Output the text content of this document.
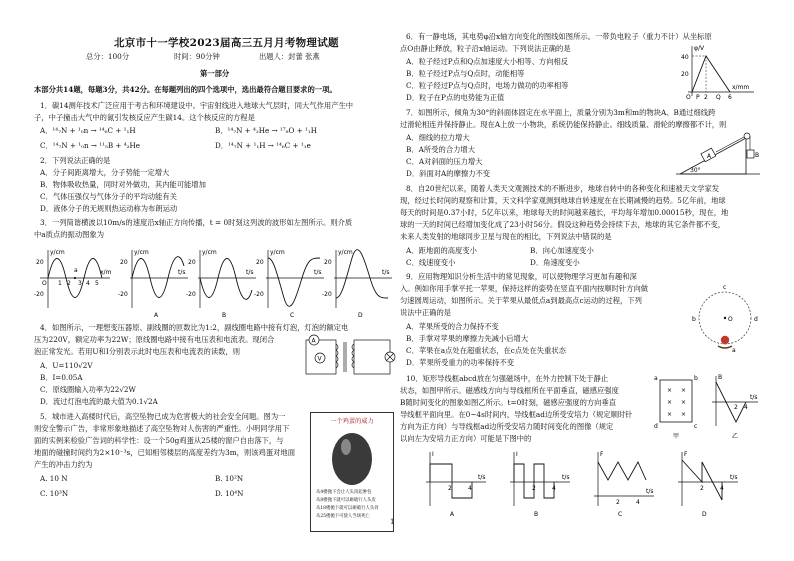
北京市十一学校2023届高三五月月考物理试题
总分：100分	时间：90分钟	出题人：封蕾 张燕
第一部分
本部分共14题，每题3分，共42分。在每题列出的四个选项中，选出最符合题目要求的一项。
1．碳14测年技术广泛应用于考古和环境建设中。宇宙射线进入地球大气层时，同大气作用产生中
子，中子撞击大气中的氮引发核反应产生碳14。这个核反应的方程是
A．¹⁴₇N + ¹₀n → ¹⁴₆C + ¹₁H	B．¹⁴₇N + ⁴₂He → ¹⁷₈O + ¹₁H
C．¹⁴₇N + ¹₀n → ¹¹₅B + ⁴₂He	D．¹⁴₇N + ¹₁H → ¹⁴₆C + ¹₁e
2．下列说法正确的是
A．分子间距离增大，分子势能一定增大
B．物体吸收热量，同时对外做功，其内能可能增加
C．气体压强仅与气体分子的平均动能有关
D．液体分子的无规则热运动称为布朗运动
3．一列简谐横波以10m/s的速度沿x轴正方向传播，t = 0时刻这列波的波形如左图所示。则介质
中a质点的振动图象为
y/cm
x/m
20
-20
O 1 2 3 4 5
a
y/cm
t/s
20
-20
A
y/cm
t/s
20
-20
B
y/cm
t/s
20
-20
C
y/cm
t/s
20
-20
D
4．如图所示，一理想变压器原、副线圈的匝数比为1:2，副线圈电路中接有灯泡，灯泡的额定电
压为220V，额定功率为22W；原线圈电路中接有电压表和电流表。现闭合
泡正常发光。若用U和I分别表示此时电压表和电流表的读数，则
A．U=110√2V
B．I=0.05A
C．原线圈输入功率为22√2W
D．流过灯泡电流的最大值为0.1√2A
A
V
5．城市进入高楼时代后，高空坠物已成为危害极大的社会安全问题。图为一
则安全警示广告，非常形象地描述了高空坠物对人伤害的严重性。小明同学用下
面的实例来检验广告词的科学性：设一个50g鸡蛋从25楼的窗户自由落下，与
地面的碰撞时间约为2×10⁻³s，已知相邻楼层的高度差约为3m，则该鸡蛋对地面
产生的冲击力约为
A. 10 N	B. 10²N
C. 10³N	D. 10⁴N
一个鸡蛋的威力
从4楼抛下会让人头顶起肿包
从8楼抛下就可以砸破行人头皮
从18楼抛下就可以砸破行人头骨
从25楼抛下可使人当场死亡
6．有一静电场，其电势φ沿x轴方向变化的图线如图所示。一带负电粒子（重力不计）从坐标原
点O由静止释放，粒子沿x轴运动。下列说法正确的是
A．粒子经过P点和Q点加速度大小相等、方向相反
B．粒子经过P点与Q点时，动能相等
C．粒子经过P点与Q点时，电场力做功的功率相等
D．粒子在P点的电势能为正值
φ/V
x/mm
40
20
O P 2 Q 6
7．如图所示，倾角为30°的斜面体固定在水平面上，质量分别为3m和m的物块A、B通过细线跨
过滑轮相连并保持静止。现在A上放一小物块，系统仍能保持静止。细线质量、滑轮的摩擦都不计，则
A．细线的拉力增大
B．A所受的合力增大
C．A对斜面的压力增大
D．斜面对A的摩擦力不变
A	B
30°
8．自20世纪以来，随着人类天文观测技术的不断进步，地球自转中的各种变化和速被天文学家发
现，经过长时间的观察和计算，天文科学家观测到地球自转速度在在长期减慢的趋势。5亿年前，地球
每天的时间是0.37小时，5亿年以来，地球每天的时间越来越长，平均每年增加0.00015秒，现在，地
球的一天的时间已经增加变化成了23小时56分。假设这种趋势会持续下去，地球的其它条件都不变，
未来人类发射的地球同步卫星与现在的相比，下列说法中错误的是
A．距地面的高度变小	B．向心加速度变小
C．线速度变小	D．角速度变小
9．应用物理知识分析生活中的常见现象，可以使物理学习更加有趣和深
入。例如你用手掌平托一苹果，保持这样的姿势在竖直平面内按顺时针方向做
匀速圆周运动，如图所示。关于苹果从最低点a到最高点c运动的过程，下列
说法中正确的是
A．苹果所受的合力保持不变
B．手掌对苹果的摩擦力先减小后增大
C．苹果在a点处在超重状态，在c点处在失重状态
D．苹果所受重力的功率保持不变
O
c
b	d
a
10．矩形导线框abcd放在匀强磁场中，在外力控制下处于静止
状态，如图甲所示。磁感线方向与导线框所在平面垂直，磁感应强度
B随时间变化的图象如图乙所示。t=0时刻，磁感应强度的方向垂直
导线框平面向里。在0~4s时间内，导线框ad边所受安培力（规定顺时针
方向为正方向）与导线框ad边所受安培力随时间变化的图像（规定
以向左为安培力正方向）可能是下图中的
× ×
× ×
× ×
a	b
c
d
甲
B
t/s
2 4
乙
I
t/s
2	4
A
I
t/s
2	4
B
F
t/s
2	4
C
F
t/s
2	4
D
1
